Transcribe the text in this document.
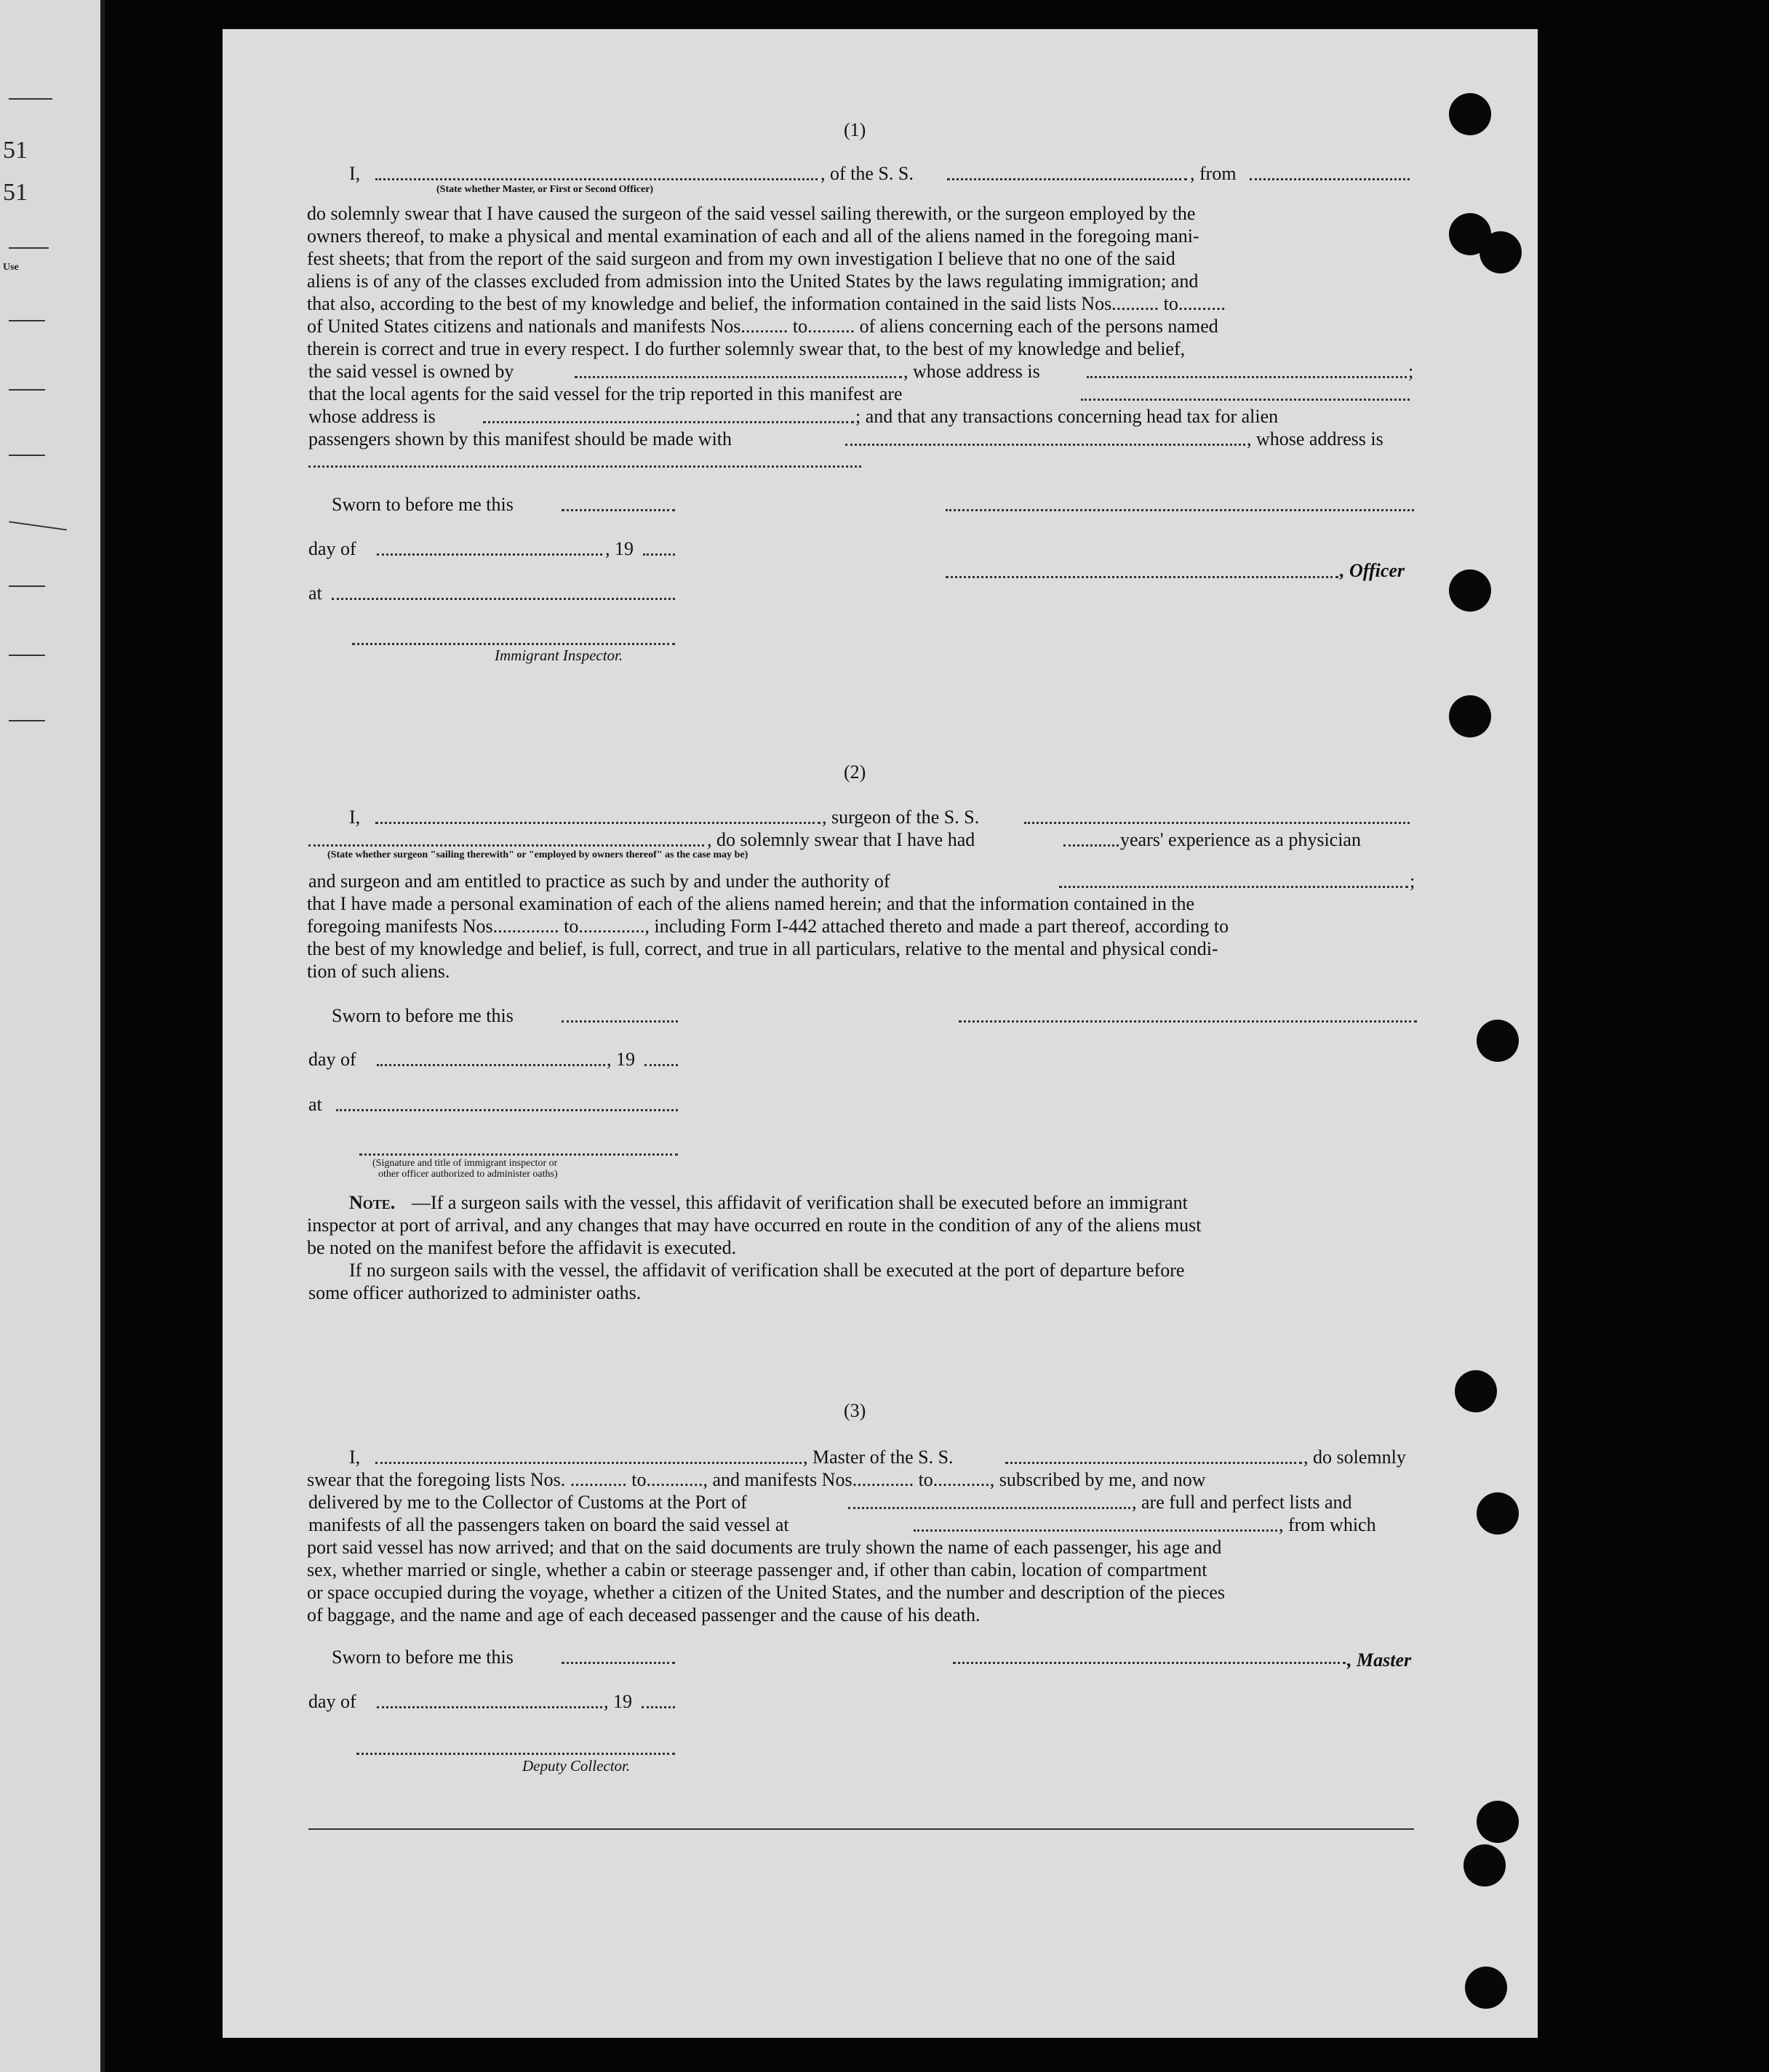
51
51
Use
(1)
I,	, of the S. S.	, from
(State whether Master, or First or Second Officer)

do solemnly swear that I have caused the surgeon of the said vessel sailing therewith, or the surgeon employed by the

owners thereof, to make a physical and mental examination of each and all of the aliens named in the foregoing mani-

fest sheets; that from the report of the said surgeon and from my own investigation I believe that no one of the said

aliens is of any of the classes excluded from admission into the United States by the laws regulating immigration; and

that also, according to the best of my knowledge and belief, the information contained in the said lists Nos.......... to..........

of United States citizens and nationals and manifests Nos.......... to.......... of aliens concerning each of the persons named

therein is correct and true in every respect. I do further solemnly swear that, to the best of my knowledge and belief,

the said vessel is owned by	, whose address is	;
that the local agents for the said vessel for the trip reported in this manifest are
whose address is	; and that any transactions concerning head tax for alien
passengers shown by this manifest should be made with	, whose address is
Sworn to before me this
day of	, 19
, Officer
at
Immigrant Inspector.
(2)
I,	, surgeon of the S. S.
, do solemnly swear that I have had	years' experience as a physician
(State whether surgeon "sailing therewith" or "employed by owners thereof" as the case may be)
and surgeon and am entitled to practice as such by and under the authority of	;

that I have made a personal examination of each of the aliens named herein; and that the information contained in the

foregoing manifests Nos.............. to.............., including Form I-442 attached thereto and made a part thereof, according to

the best of my knowledge and belief, is full, correct, and true in all particulars, relative to the mental and physical condi-

tion of such aliens.

Sworn to before me this
day of	, 19
at
(Signature and title of immigrant inspector or
other officer authorized to administer oaths)
Note. —If a surgeon sails with the vessel, this affidavit of verification shall be executed before an immigrant

inspector at port of arrival, and any changes that may have occurred en route in the condition of any of the aliens must

be noted on the manifest before the affidavit is executed.

If no surgeon sails with the vessel, the affidavit of verification shall be executed at the port of departure before
some officer authorized to administer oaths.
(3)
I,	, Master of the S. S.	, do solemnly
swear that the foregoing lists Nos. ............ to............, and manifests Nos............. to............, subscribed by me, and now
delivered by me to the Collector of Customs at the Port of	, are full and perfect lists and
manifests of all the passengers taken on board the said vessel at	, from which

port said vessel has now arrived; and that on the said documents are truly shown the name of each passenger, his age and

sex, whether married or single, whether a cabin or steerage passenger and, if other than cabin, location of compartment

or space occupied during the voyage, whether a citizen of the United States, and the number and description of the pieces

of baggage, and the name and age of each deceased passenger and the cause of his death.

Sworn to before me this	, Master
day of	, 19
Deputy Collector.
